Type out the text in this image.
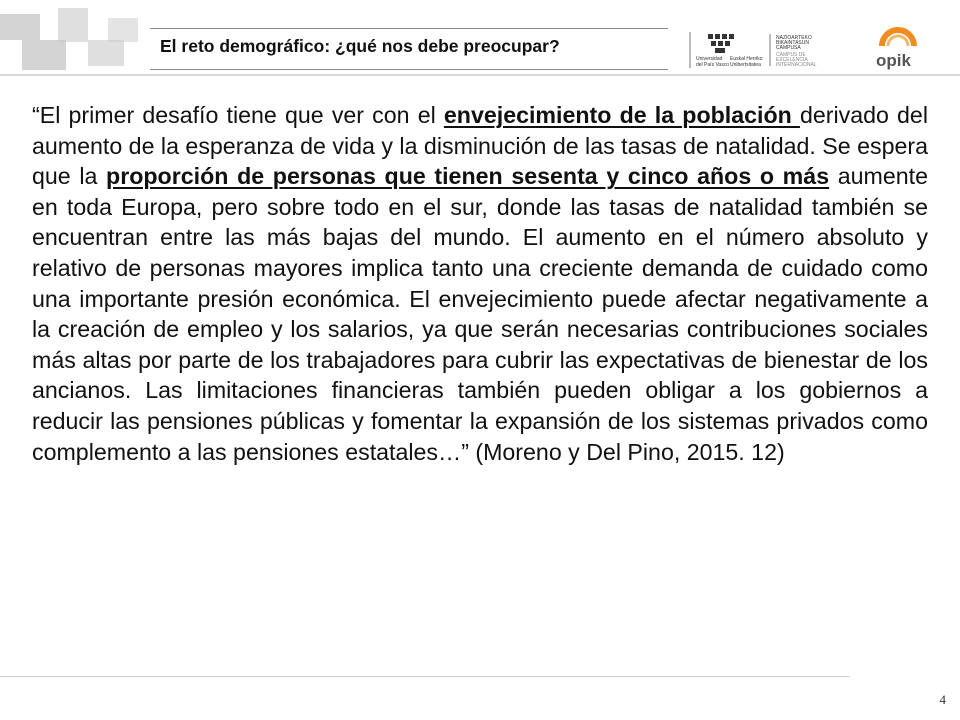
El reto demográfico: ¿qué nos debe preocupar?
Universidad
del País Vasco
Euskal Herriko
Unibertsitatea
NAZIOARTEKO
BIKAINTASUN
CAMPUSA
CAMPUS DE
EXCELENCIA
INTERNACIONAL	opik

“El primer desafío tiene que ver con el envejecimiento de la población derivado del aumento de la esperanza de vida y la disminución de las tasas de natalidad. Se espera que la proporción de personas que tienen sesenta y cinco años o más aumente en toda Europa, pero sobre todo en el sur, donde las tasas de natalidad también se encuentran entre las más bajas del mundo. El aumento en el número absoluto y relativo de personas mayores implica tanto una creciente demanda de cuidado como una importante presión económica. El envejecimiento puede afectar negativamente a la creación de empleo y los salarios, ya que serán necesarias contribuciones sociales más altas por parte de los trabajadores para cubrir las expectativas de bienestar de los ancianos. Las limitaciones financieras también pueden obligar a los gobiernos a reducir las pensiones públicas y fomentar la expansión de los sistemas privados como complemento a las pensiones estatales…” (Moreno y Del Pino, 2015. 12)

4
